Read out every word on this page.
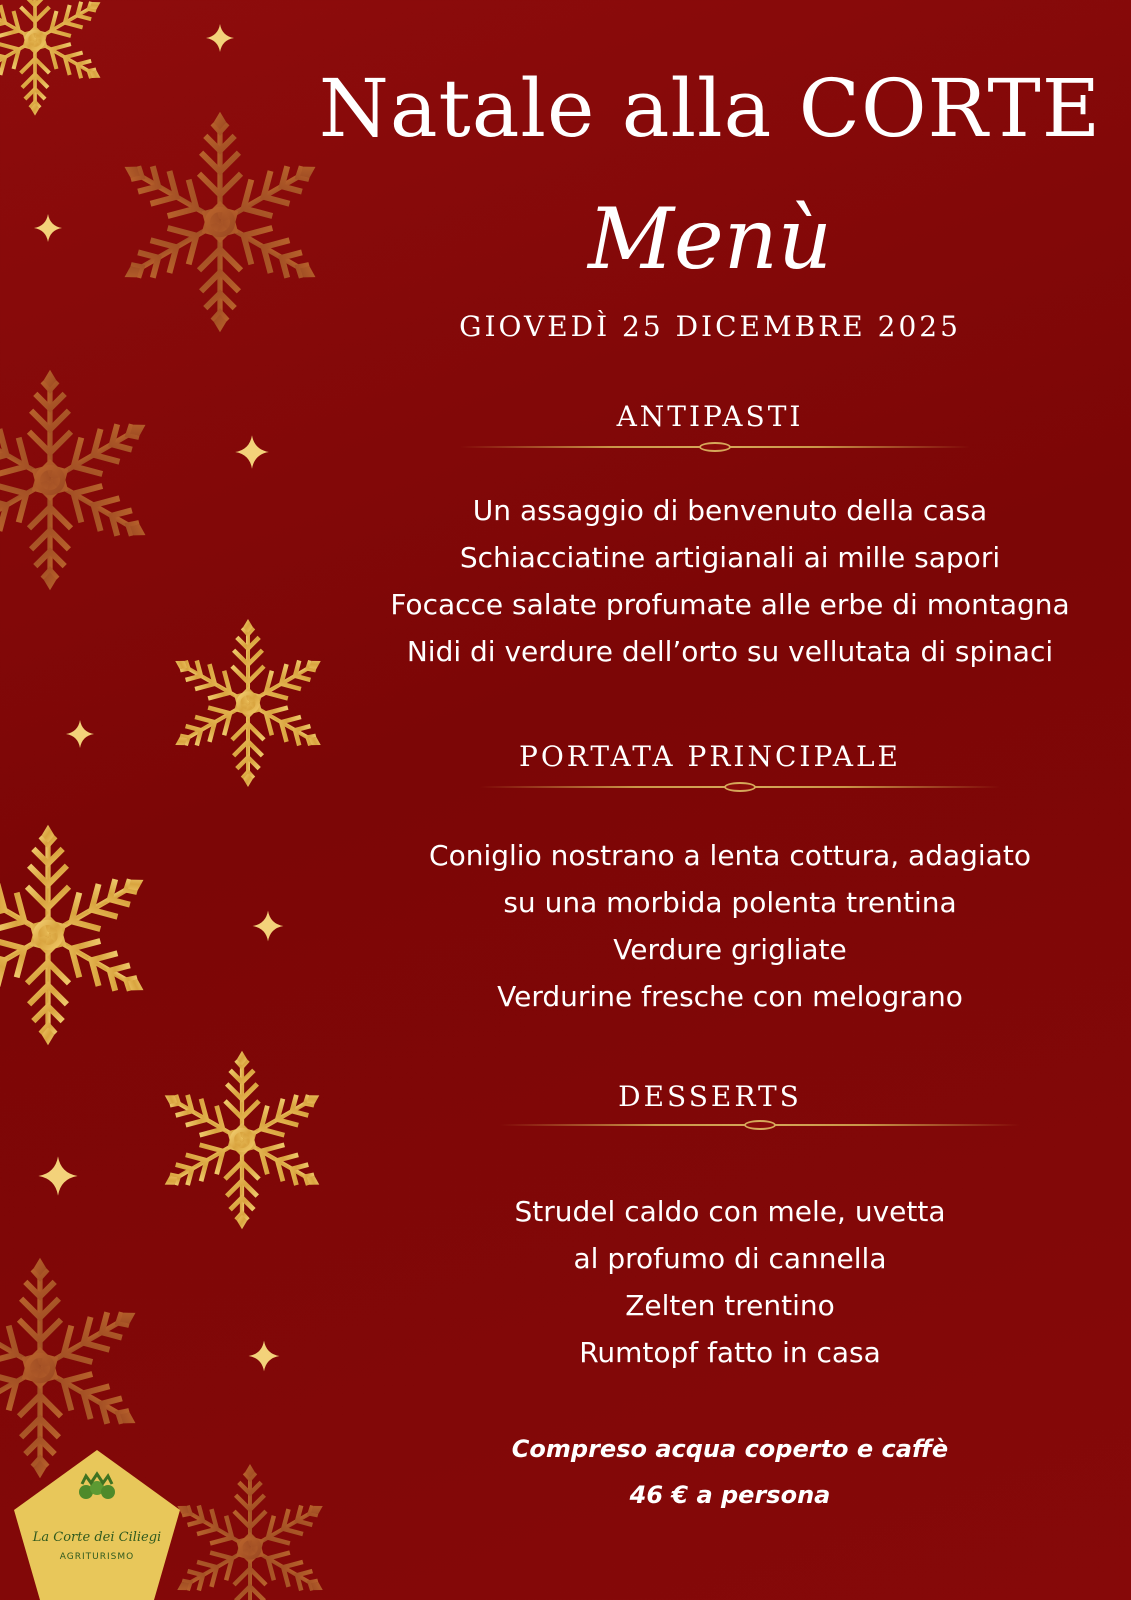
Natale alla CORTE
Menù
GIOVEDÌ 25 DICEMBRE 2025
ANTIPASTI
Un assaggio di benvenuto della casa
Schiacciatine artigianali ai mille sapori
Focacce salate profumate alle erbe di montagna
Nidi di verdure dell’orto su vellutata di spinaci
PORTATA PRINCIPALE
Coniglio nostrano a lenta cottura, adagiato
su una morbida polenta trentina
Verdure grigliate
Verdurine fresche con melograno
DESSERTS
Strudel caldo con mele, uvetta
al profumo di cannella
Zelten trentino
Rumtopf fatto in casa
Compreso acqua coperto e caffè
46 € a persona
La Corte dei Ciliegi
AGRITURISMO
